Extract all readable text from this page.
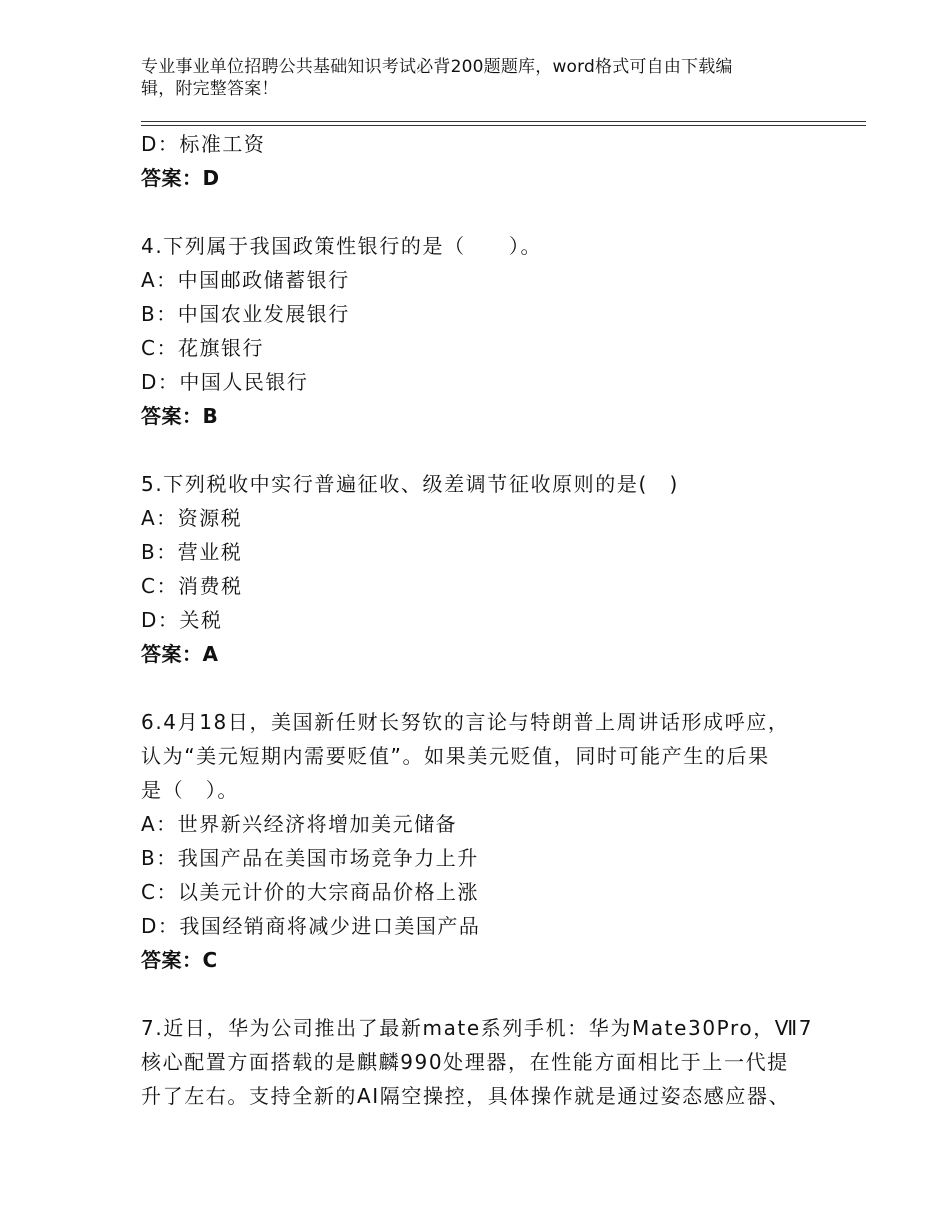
专业事业单位招聘公共基础知识考试必背200题题库，word格式可自由下载编
辑，附完整答案！
D：标准工资
答案：D
4.下列属于我国政策性银行的是（　　）。
A：中国邮政储蓄银行
B：中国农业发展银行
C：花旗银行
D：中国人民银行
答案：B
5.下列税收中实行普遍征收、级差调节征收原则的是(　)
A：资源税
B：营业税
C：消费税
D：关税
答案：A
6.4月18日，美国新任财长努钦的言论与特朗普上周讲话形成呼应，
认为“美元短期内需要贬值”。如果美元贬值，同时可能产生的后果
是（　）。
A：世界新兴经济将增加美元储备
B：我国产品在美国市场竞争力上升
C：以美元计价的大宗商品价格上涨
D：我国经销商将减少进口美国产品
答案：C
7.近日，华为公司推出了最新mate系列手机：华为Mate30Pro，Ⅶ7
核心配置方面搭载的是麒麟990处理器，在性能方面相比于上一代提
升了左右。支持全新的AI隔空操控，具体操作就是通过姿态感应器、
